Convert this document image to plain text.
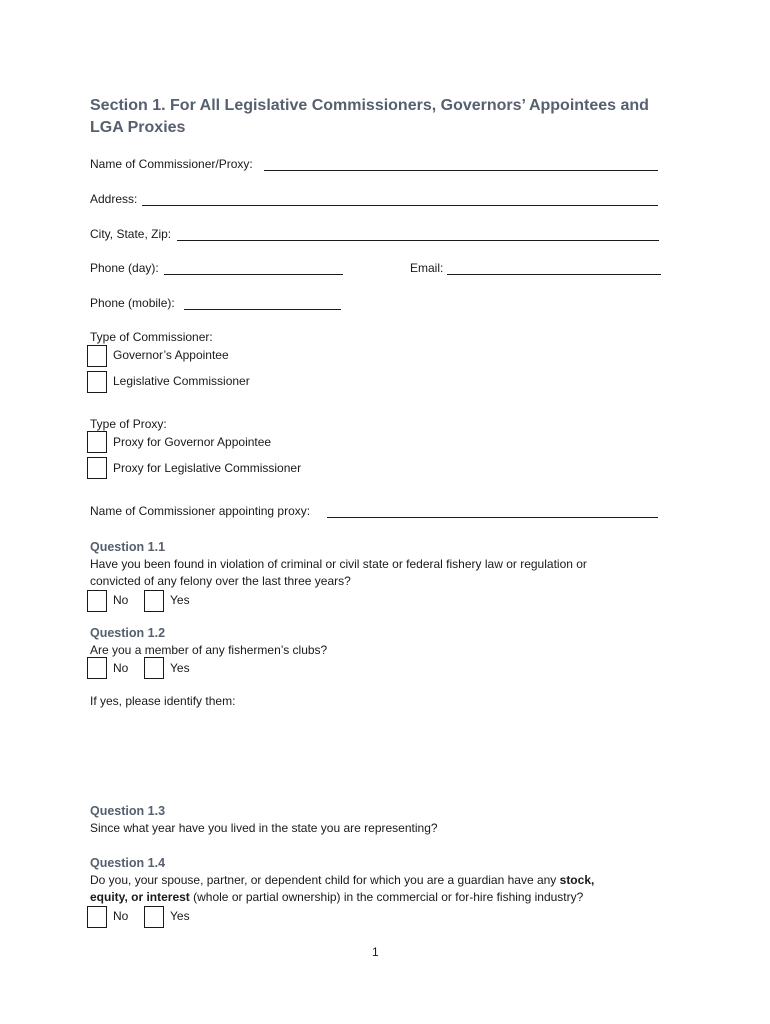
Section 1. For All Legislative Commissioners, Governors’ Appointees and LGA Proxies
Name of Commissioner/Proxy:
Address:
City, State, Zip:
Phone (day):	Email:
Phone (mobile):
Type of Commissioner:
Governor’s Appointee
Legislative Commissioner
Type of Proxy:
Proxy for Governor Appointee
Proxy for Legislative Commissioner
Name of Commissioner appointing proxy:
Question 1.1
Have you been found in violation of criminal or civil state or federal fishery law or regulation or
convicted of any felony over the last three years?
No	Yes
Question 1.2
Are you a member of any fishermen’s clubs?
No	Yes
If yes, please identify them:
Question 1.3
Since what year have you lived in the state you are representing?
Question 1.4
Do you, your spouse, partner, or dependent child for which you are a guardian have any stock,
equity, or interest (whole or partial ownership) in the commercial or for-hire fishing industry?
No	Yes
1
